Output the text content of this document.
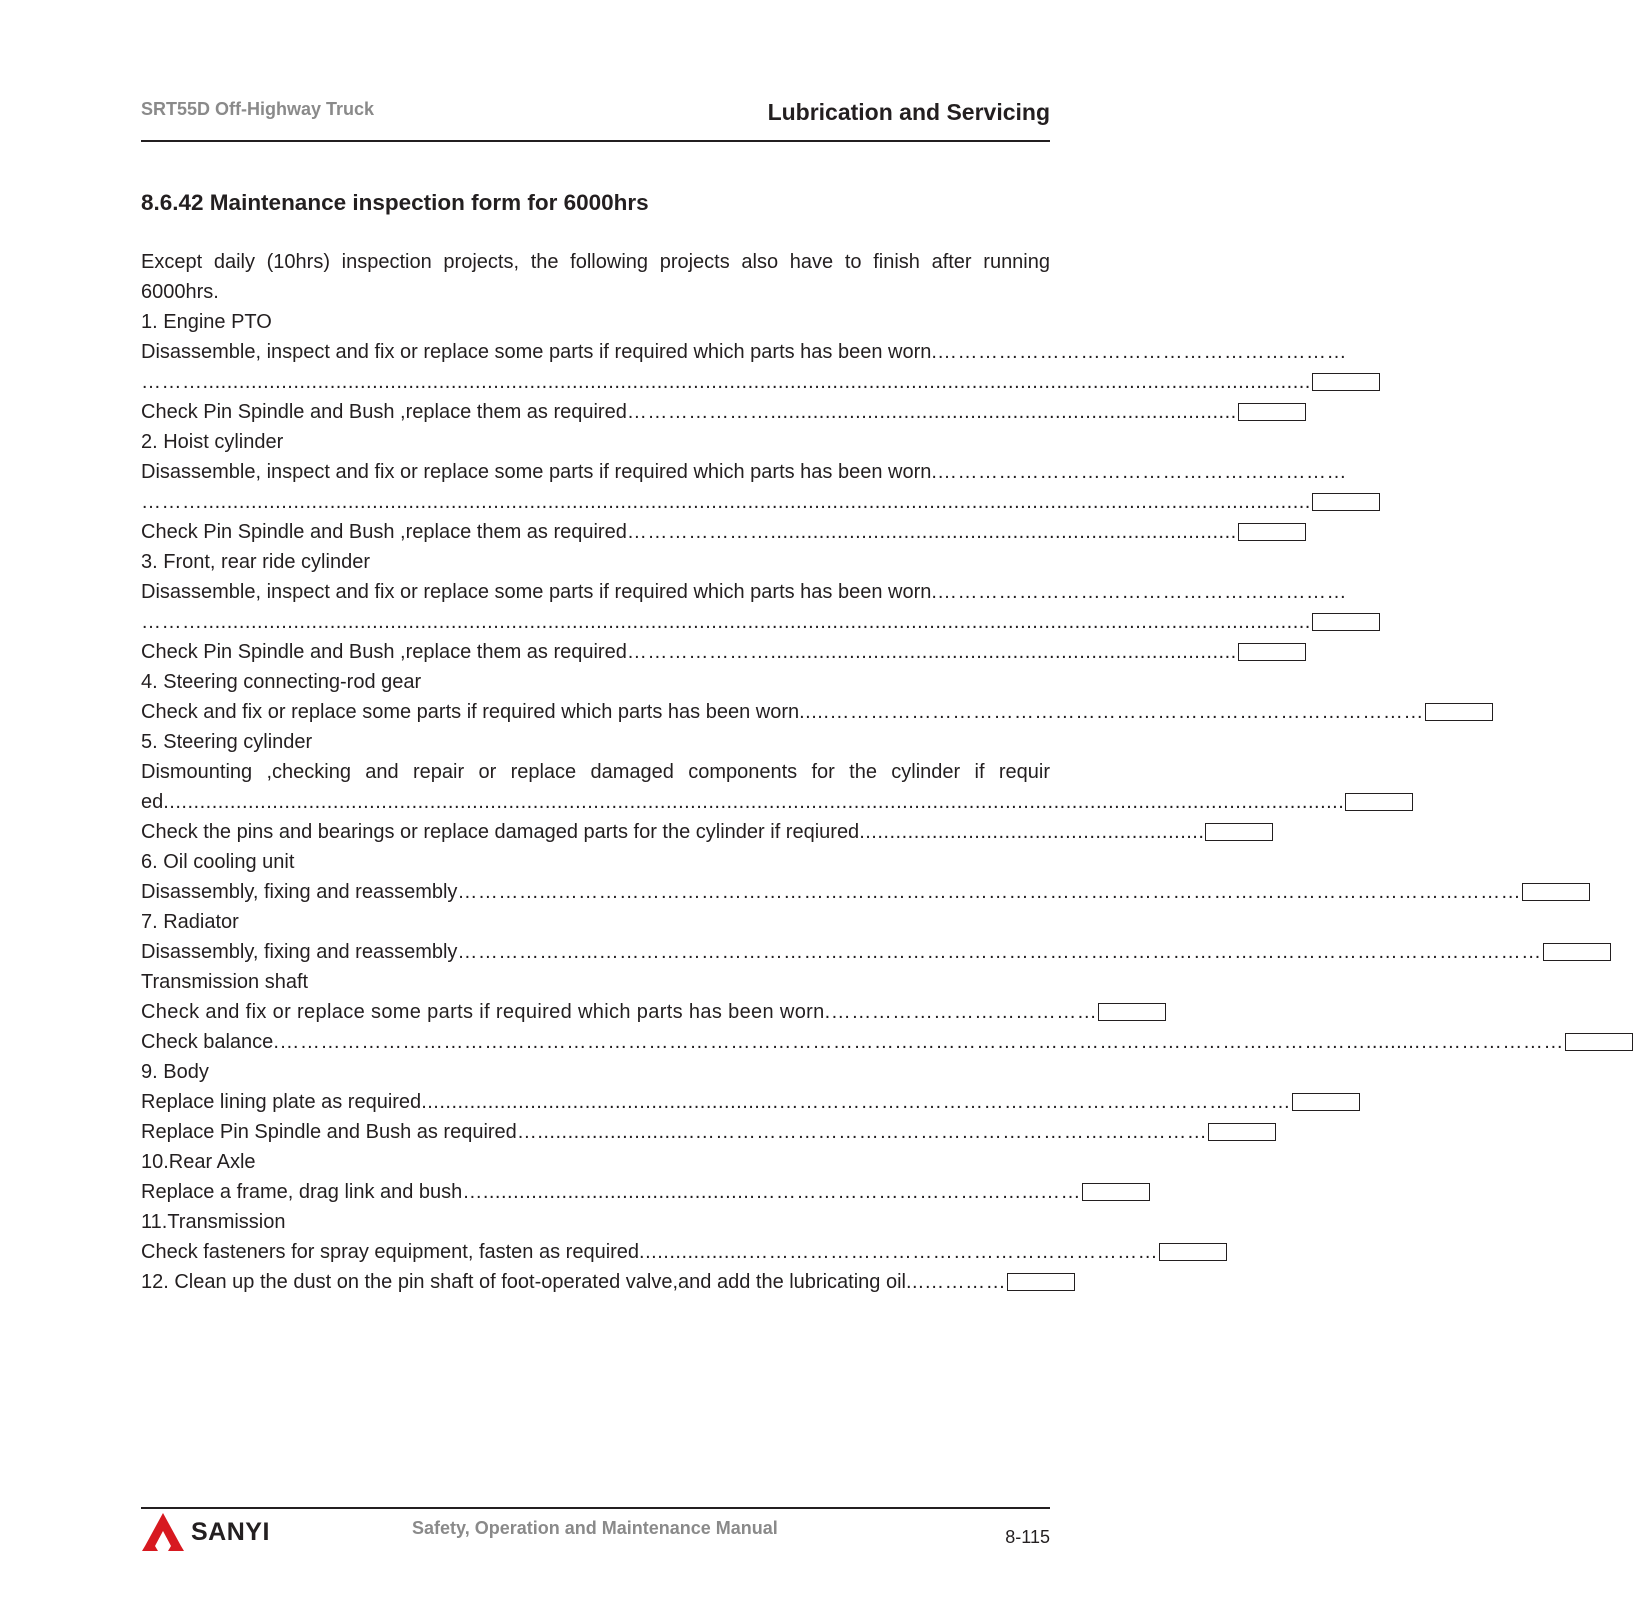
SRT55D Off-Highway Truck	Lubrication and Servicing
8.6.42 Maintenance inspection form for 6000hrs
Except daily (10hrs) inspection projects, the following projects also have to finish after running
6000hrs.
1. Engine PTO
Disassemble, inspect and fix or replace some parts if required which parts has been worn. ……………………………………………………
……….......................................................................................................................................................................................
Check Pin Spindle and Bush ,replace them as required ………………….............................................................................
2. Hoist cylinder
Disassemble, inspect and fix or replace some parts if required which parts has been worn. ……………………………………………………
……….......................................................................................................................................................................................
Check Pin Spindle and Bush ,replace them as required ………………….............................................................................
3. Front, rear ride cylinder
Disassemble, inspect and fix or replace some parts if required which parts has been worn. ……………………………………………………
……….......................................................................................................................................................................................
Check Pin Spindle and Bush ,replace them as required ………………….............................................................................
4. Steering connecting-rod gear
Check and fix or replace some parts if required which parts has been worn .....……………………………………………………………………………
5. Steering cylinder
Dismounting ,checking and repair or replace damaged components for the cylinder if requir
ed ...................................................................................................................................................................................................
Check the pins and bearings or replace damaged parts for the cylinder if reqiured .........................................................
6. Oil cooling unit
Disassembly, fixing and reassembly …………...……………………………………………………………………………………………………………………………
7. Radiator
Disassembly, fixing and reassembly ………………...…………………………………………………………………………………………………………………………
Transmission shaft
Check and fix or replace some parts if required which parts has been worn .…………………………………
Check balance .…………………………………………………………………………………………………………………………………………….........…………………
9. Body
Replace lining plate as required ...........................................................…………………………………………………………………
Replace Pin Spindle and Bush as required …..........................…………………………………………………………………
10.Rear Axle
Replace a frame, drag link and bush ….............................................…………………………………...……
11.Transmission
Check fasteners for spray equipment, fasten as required ..................……………………………………………………
12. Clean up the dust on the pin shaft of foot-operated valve,and add the lubricating oil ...…………
SANYI	Safety, Operation and Maintenance Manual	8-115
